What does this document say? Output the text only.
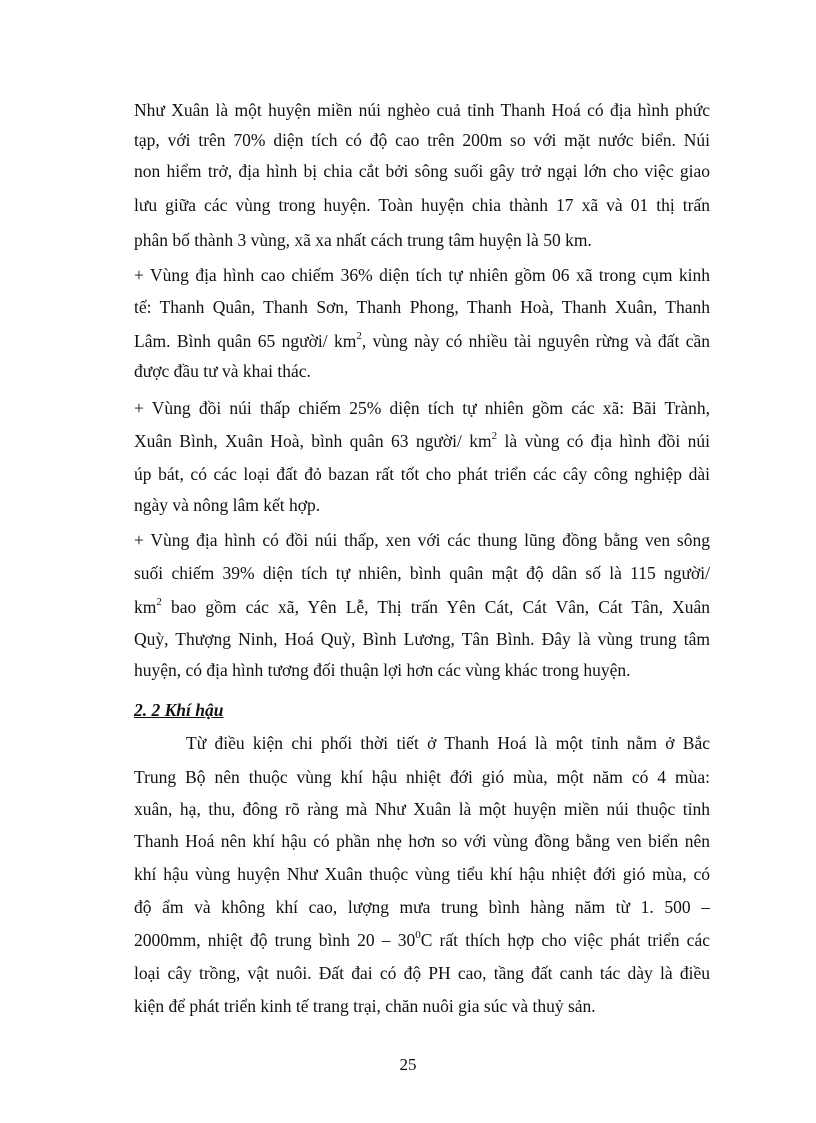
Như Xuân là một huyện miền núi nghèo cuả tỉnh Thanh Hoá có địa hình phức
tạp, với trên 70% diện tích có độ cao trên 200m so với mặt nước biển. Núi
non hiểm trở, địa hình bị chia cắt bởi sông suối gây trở ngại lớn cho việc giao
lưu giữa các vùng trong huyện. Toàn huyện chia thành 17 xã và 01 thị trấn
phân bố thành 3 vùng, xã xa nhất cách trung tâm huyện là 50 km.
+ Vùng địa hình cao chiếm 36% diện tích tự nhiên gồm 06 xã trong cụm kinh
tế: Thanh Quân, Thanh Sơn, Thanh Phong, Thanh Hoà, Thanh Xuân, Thanh
Lâm. Bình quân 65 người/ $km^2$, vùng này có nhiều tài nguyên rừng và đất cần
được đầu tư và khai thác.
+ Vùng đồi núi thấp chiếm 25% diện tích tự nhiên gồm các xã: Bãi Trành,
Xuân Bình, Xuân Hoà, bình quân 63 người/ $km^2$ là vùng có địa hình đồi núi
úp bát, có các loại đất đỏ bazan rất tốt cho phát triển các cây công nghiệp dài
ngày và nông lâm kết hợp.
+ Vùng địa hình có đồi núi thấp, xen với các thung lũng đồng bằng ven sông
suối chiếm 39% diện tích tự nhiên, bình quân mật độ dân số là 115 người/
$km^2$ bao gồm các xã, Yên Lễ, Thị trấn Yên Cát, Cát Vân, Cát Tân, Xuân
Quỳ, Thượng Ninh, Hoá Quỳ, Bình Lương, Tân Bình. Đây là vùng trung tâm
huyện, có địa hình tương đối thuận lợi hơn các vùng khác trong huyện.
2. 2 Khí hậu
Từ điều kiện chi phối thời tiết ở Thanh Hoá là một tỉnh nằm ở Bắc
Trung Bộ nên thuộc vùng khí hậu nhiệt đới gió mùa, một năm có 4 mùa:
xuân, hạ, thu, đông rõ ràng mà Như Xuân là một huyện miền núi thuộc tỉnh
Thanh Hoá nên khí hậu có phần nhẹ hơn so với vùng đồng bằng ven biển nên
khí hậu vùng huyện Như Xuân thuộc vùng tiểu khí hậu nhiệt đới gió mùa, có
độ ẩm và không khí cao, lượng mưa trung bình hàng năm từ 1. 500 –
2000mm, nhiệt độ trung bình $20 - 30^0C$ rất thích hợp cho việc phát triển các
loại cây trồng, vật nuôi. Đất đai có độ PH cao, tầng đất canh tác dày là điều
kiện để phát triển kinh tế trang trại, chăn nuôi gia súc và thuỷ sản.
25
